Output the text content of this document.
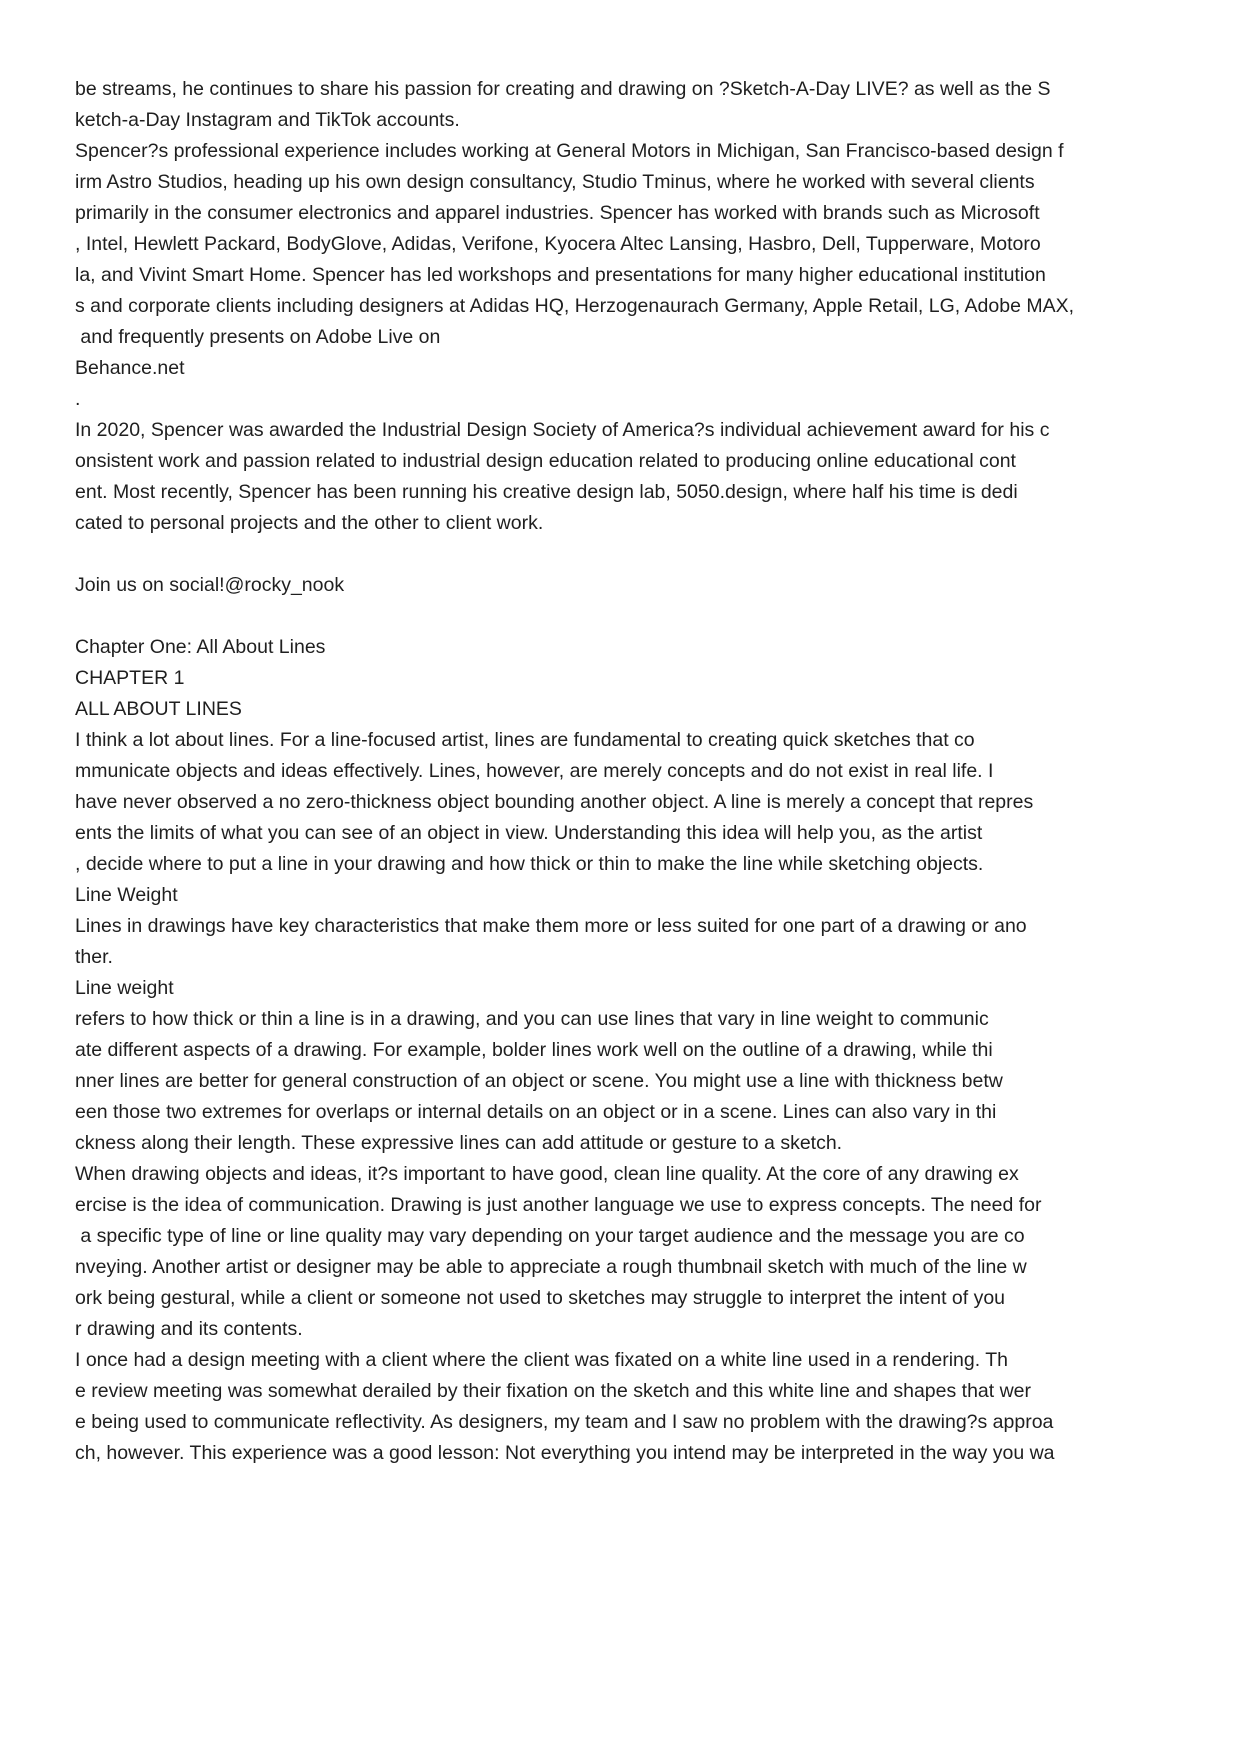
be streams, he continues to share his passion for creating and drawing on ?Sketch-A-Day LIVE? as well as the S
ketch-a-Day Instagram and TikTok accounts.
Spencer?s professional experience includes working at General Motors in Michigan, San Francisco-based design f
irm Astro Studios, heading up his own design consultancy, Studio Tminus, where he worked with several clients
primarily in the consumer electronics and apparel industries. Spencer has worked with brands such as Microsoft
, Intel, Hewlett Packard, BodyGlove, Adidas, Verifone, Kyocera Altec Lansing, Hasbro, Dell, Tupperware, Motoro
la, and Vivint Smart Home. Spencer has led workshops and presentations for many higher educational institution
s and corporate clients including designers at Adidas HQ, Herzogenaurach Germany, Apple Retail, LG, Adobe MAX,
and frequently presents on Adobe Live on
Behance.net
.
In 2020, Spencer was awarded the Industrial Design Society of America?s individual achievement award for his c
onsistent work and passion related to industrial design education related to producing online educational cont
ent. Most recently, Spencer has been running his creative design lab, 5050.design, where half his time is dedi
cated to personal projects and the other to client work.
Join us on social!@rocky_nook
Chapter One: All About Lines
CHAPTER 1
ALL ABOUT LINES
I think a lot about lines. For a line-focused artist, lines are fundamental to creating quick sketches that co
mmunicate objects and ideas effectively. Lines, however, are merely concepts and do not exist in real life. I
have never observed a no zero-thickness object bounding another object. A line is merely a concept that repres
ents the limits of what you can see of an object in view. Understanding this idea will help you, as the artist
, decide where to put a line in your drawing and how thick or thin to make the line while sketching objects.
Line Weight
Lines in drawings have key characteristics that make them more or less suited for one part of a drawing or ano
ther.
Line weight
refers to how thick or thin a line is in a drawing, and you can use lines that vary in line weight to communic
ate different aspects of a drawing. For example, bolder lines work well on the outline of a drawing, while thi
nner lines are better for general construction of an object or scene. You might use a line with thickness betw
een those two extremes for overlaps or internal details on an object or in a scene. Lines can also vary in thi
ckness along their length. These expressive lines can add attitude or gesture to a sketch.
When drawing objects and ideas, it?s important to have good, clean line quality. At the core of any drawing ex
ercise is the idea of communication. Drawing is just another language we use to express concepts. The need for
a specific type of line or line quality may vary depending on your target audience and the message you are co
nveying. Another artist or designer may be able to appreciate a rough thumbnail sketch with much of the line w
ork being gestural, while a client or someone not used to sketches may struggle to interpret the intent of you
r drawing and its contents.
I once had a design meeting with a client where the client was fixated on a white line used in a rendering. Th
e review meeting was somewhat derailed by their fixation on the sketch and this white line and shapes that wer
e being used to communicate reflectivity. As designers, my team and I saw no problem with the drawing?s approa
ch, however. This experience was a good lesson: Not everything you intend may be interpreted in the way you wa
